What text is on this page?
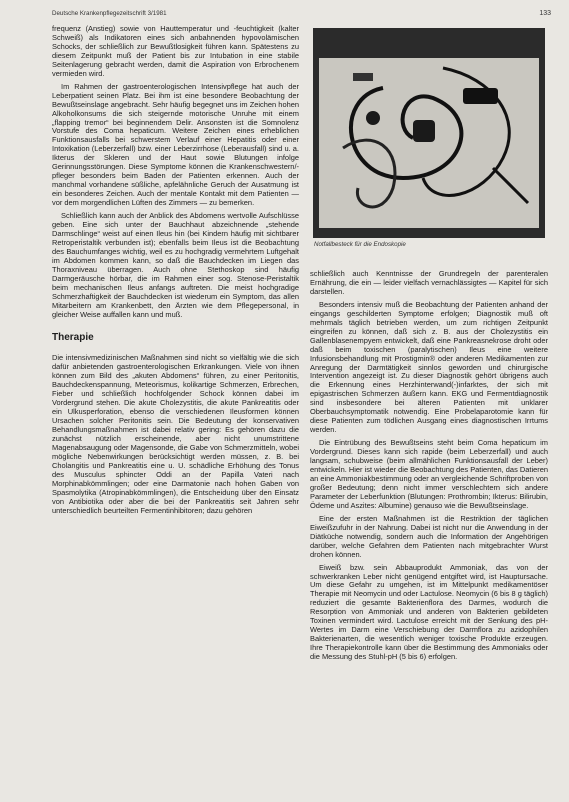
Deutsche Krankenpflegezeitschrift 3/1981	133

frequenz (Anstieg) sowie von Hauttemperatur und -feuchtigkeit (kalter Schweiß) als Indikatoren eines sich anbahnenden hypovolämischen Schocks, der schließlich zur Bewußtlosigkeit führen kann. Spätestens zu diesem Zeitpunkt muß der Patient bis zur Intubation in eine stabile Seitenlagerung gebracht werden, damit die Aspiration von Erbrochenem vermieden wird.

Im Rahmen der gastroenterologischen Intensivpflege hat auch der Leberpatient seinen Platz. Bei ihm ist eine besondere Beobachtung der Bewußtseinslage angebracht. Sehr häufig begegnet uns im Zeichen hohen Alkoholkonsums die sich steigernde motorische Unruhe mit einem „flapping tremor“ bei beginnendem Delir. Ansonsten ist die Somnolenz Vorstufe des Coma hepaticum. Weitere Zeichen eines erheblichen Funktionsausfalls bei schwerstem Verlauf einer Hepatitis oder einer Intoxikation (Leberzerfall) bzw. einer Leberzirrhose (Leberausfall) sind u. a. Ikterus der Skleren und der Haut sowie Blutungen infolge Gerinnungsstörungen. Diese Symptome können die Krankenschwestern/-pfleger besonders beim Baden der Patienten erkennen. Auch der manchmal vorhandene süßliche, apfelähnliche Geruch der Ausatmung ist ein besonderes Zeichen. Auch der mentale Kontakt mit dem Patienten — vor dem morgendlichen Lüften des Zimmers — zu bemerken.

Schließlich kann auch der Anblick des Abdomens wertvolle Aufschlüsse geben. Eine sich unter der Bauchhaut abzeichnende „stehende Darmschlinge“ weist auf einen Ileus hin (bei Kindern häufig mit sichtbarer Retroperistaltik verbunden ist); ebenfalls beim Ileus ist die Beobachtung des Bauchumfanges wichtig, weil es zu hochgradig vermehrtem Luftgehalt im Abdomen kommen kann, so daß die Bauchdecken im Liegen das Thoraxniveau überragen. Auch ohne Stethoskop sind häufig Darmgeräusche hörbar, die im Rahmen einer sog. Stenose-Peristaltik beim mechanischen Ileus anfangs auftreten. Die meist hochgradige Schmerzhaftigkeit der Bauchdecken ist wiederum ein Symptom, das allen Mitarbeitern am Krankenbett, den Ärzten wie dem Pflegepersonal, in gleicher Weise auffallen kann und muß.

Therapie

Die intensivmedizinischen Maßnahmen sind nicht so vielfältig wie die sich dafür anbietenden gastroenterologischen Erkrankungen. Viele von ihnen können zum Bild des „akuten Abdomens“ führen, zu einer Peritonitis, Bauchdeckenspannung, Meteorismus, kolikartige Schmerzen, Erbrechen, Fieber und schließlich hochfolgender Schock können dabei im Vordergrund stehen. Die akute Cholezystitis, die akute Pankreatitis oder ein Ulkusperforation, ebenso die verschiedenen Ileusformen können Ursachen solcher Peritonitis sein. Die Bedeutung der konservativen Behandlungsmaßnahmen ist dabei relativ gering: Es gehören dazu die zunächst nützlich erscheinende, aber nicht unumstrittene Magenabsaugung oder Magensonde, die Gabe von Schmerzmitteln, wobei mögliche Nebenwirkungen berücksichtigt werden müssen, z. B. bei Cholangitis und Pankreatitis eine u. U. schädliche Erhöhung des Tonus des Musculus sphincter Oddi an der Papilla Vateri nach Morphinabkömmlingen; oder eine Darmatonie nach hohen Gaben von Spasmolytika (Atropinabkömmlingen), die Entscheidung über den Einsatz von Antibiotika oder aber die bei der Pankreatitis seit Jahren sehr unterschiedlich beurteilten Fermentinhibitoren; dazu gehören

Notfallbesteck für die Endoskopie

schließlich auch Kenntnisse der Grundregeln der parenteralen Ernährung, die ein — leider vielfach vernachlässigtes — Kapitel für sich darstellen.

Besonders intensiv muß die Beobachtung der Patienten anhand der eingangs geschilderten Symptome erfolgen; Diagnostik muß oft mehrmals täglich betrieben werden, um zum richtigen Zeitpunkt eingreifen zu können, daß sich z. B. aus der Cholezystitis ein Gallenblasenempyem entwickelt, daß eine Pankreasnekrose droht oder daß beim toxischen (paralytischen) Ileus eine weitere Infusionsbehandlung mit Prostigmin® oder anderen Medikamenten zur Anregung der Darmtätigkeit sinnlos geworden und chirurgische Intervention angezeigt ist. Zu dieser Diagnostik gehört übrigens auch die Erkennung eines Herzhinterwand(-)infarktes, der sich mit epigastrischen Schmerzen äußern kann. EKG und Fermentdiagnostik sind insbesondere bei älteren Patienten mit unklarer Oberbauchsymptomatik notwendig. Eine Probelaparotomie kann für diese Patienten zum tödlichen Ausgang eines diagnostischen Irrtums werden.

Die Eintrübung des Bewußtseins steht beim Coma hepaticum im Vordergrund. Dieses kann sich rapide (beim Leberzerfall) und auch langsam, schubweise (beim allmählichen Funktionsausfall der Leber) entwickeln. Hier ist wieder die Beobachtung des Patienten, das Datieren an eine Ammoniakbestimmung oder an vergleichende Schriftproben von großer Bedeutung; denn nicht immer verschlechtern sich andere Parameter der Leberfunktion (Blutungen: Prothrombin; Ikterus: Bilirubin, Ödeme und Aszites: Albumine) genauso wie die Bewußtseinslage.

Eine der ersten Maßnahmen ist die Restriktion der täglichen Eiweißzufuhr in der Nahrung. Dabei ist nicht nur die Anwendung in der Diätküche notwendig, sondern auch die Information der Angehörigen darüber, welche Gefahren dem Patienten nach mitgebrachter Wurst drohen können.

Eiweiß bzw. sein Abbauprodukt Ammoniak, das von der schwerkranken Leber nicht genügend entgiftet wird, ist Hauptursache. Um diese Gefahr zu umgehen, ist im Mittelpunkt medikamentöser Therapie mit Neomycin und oder Lactulose. Neomycin (6 bis 8 g täglich) reduziert die gesamte Bakterienflora des Darmes, wodurch die Resorption von Ammoniak und anderen von Bakterien gebildeten Toxinen vermindert wird. Lactulose erreicht mit der Senkung des pH-Wertes im Darm eine Verschiebung der Darmflora zu azidophilen Bakterienarten, die wesentlich weniger toxische Produkte erzeugen. Ihre Therapiekontrolle kann über die Bestimmung des Ammoniaks oder die Messung des Stuhl-pH (5 bis 6) erfolgen.
